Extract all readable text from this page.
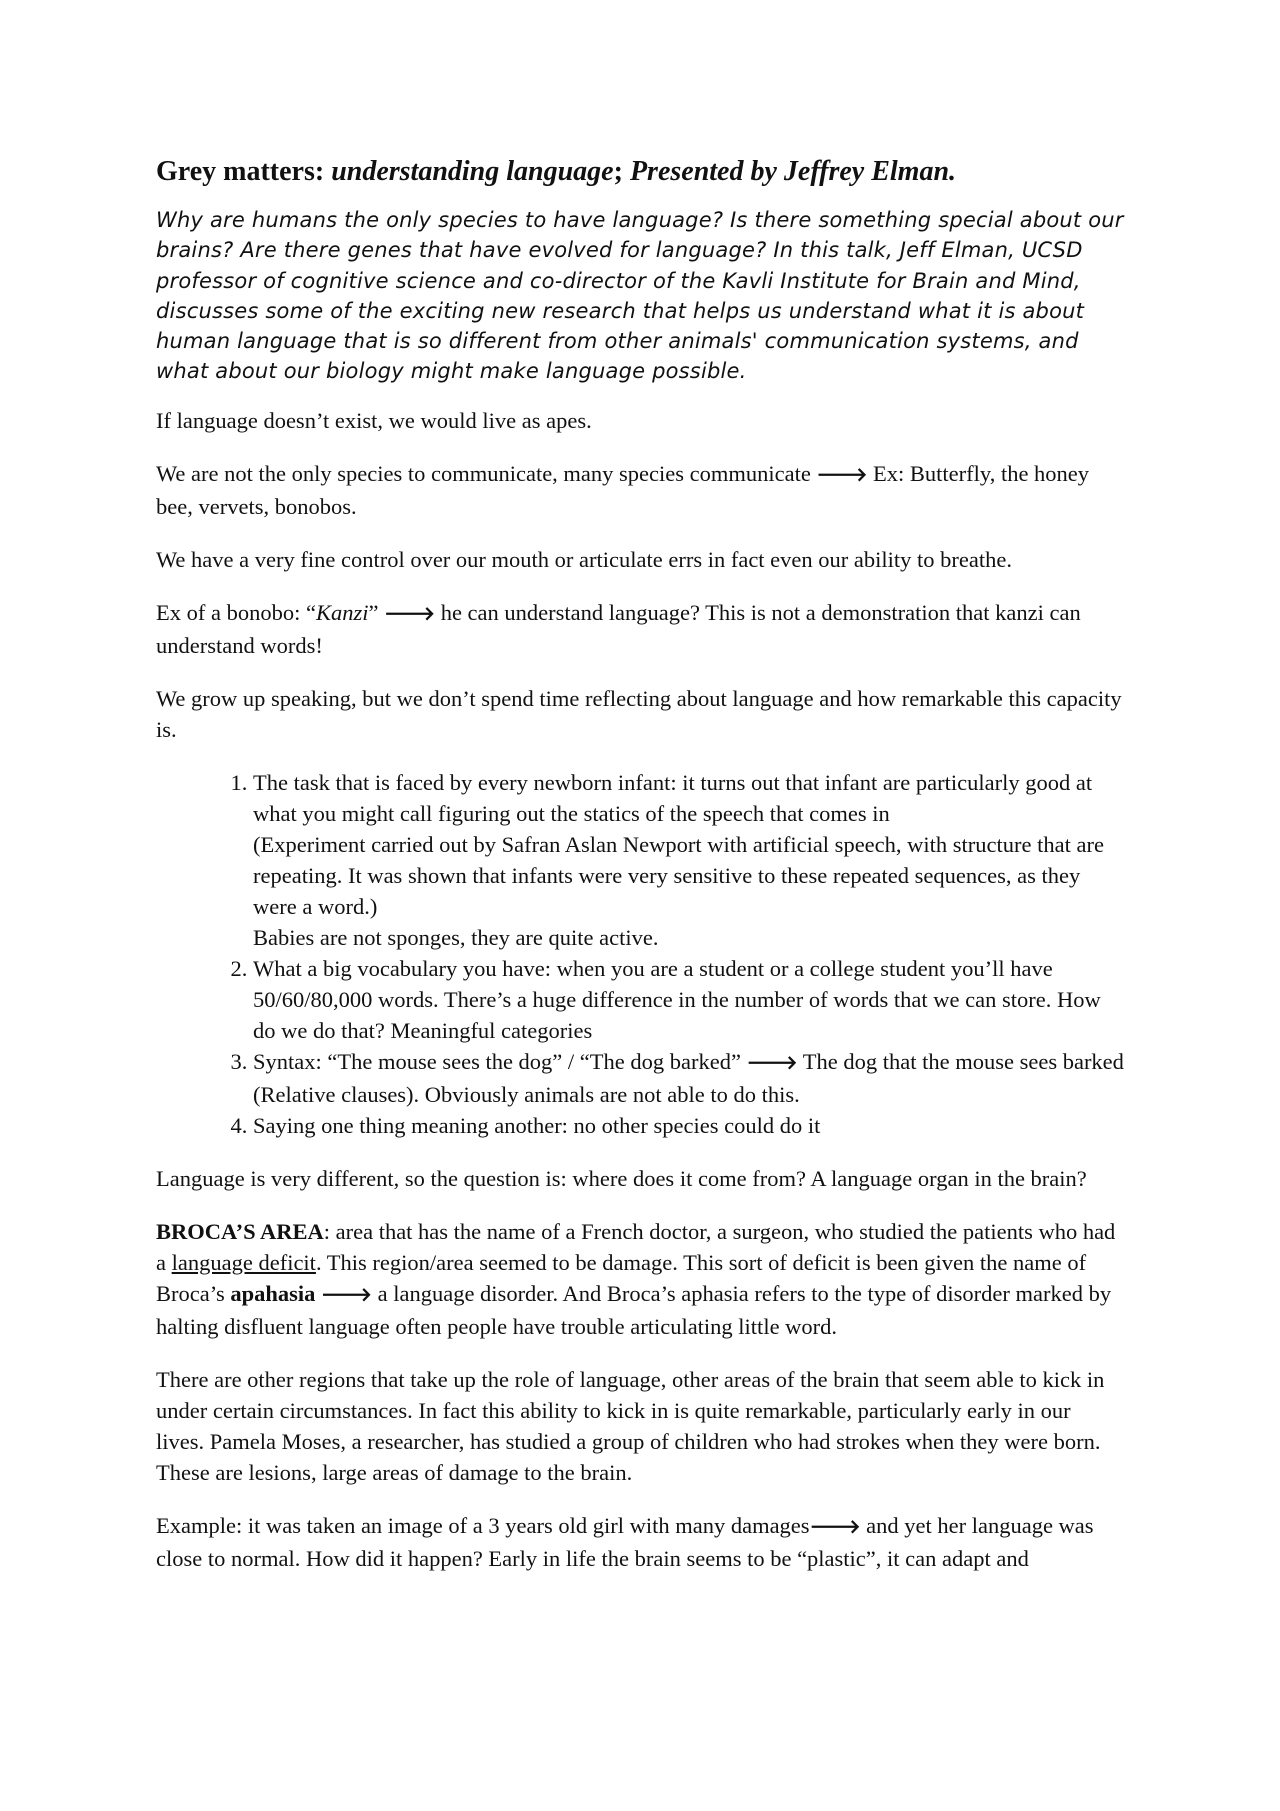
Grey matters: understanding language; Presented by Jeffrey Elman.

Why are humans the only species to have language? Is there something special about our brains? Are there genes that have evolved for language? In this talk, Jeff Elman, UCSD professor of cognitive science and co-director of the Kavli Institute for Brain and Mind, discusses some of the exciting new research that helps us understand what it is about human language that is so different from other animals' communication systems, and what about our biology might make language possible.

If language doesn’t exist, we would live as apes.

We are not the only species to communicate, many species communicate 🡒 Ex: Butterfly, the honey bee, vervets, bonobos.

We have a very fine control over our mouth or articulate errs in fact even our ability to breathe.

Ex of a bonobo: “Kanzi” 🡒 he can understand language? This is not a demonstration that kanzi can understand words!

We grow up speaking, but we don’t spend time reflecting about language and how remarkable this capacity is.

1. The task that is faced by every newborn infant: it turns out that infant are particularly good at what you might call figuring out the statics of the speech that comes in
(Experiment carried out by Safran Aslan Newport with artificial speech, with structure that are repeating. It was shown that infants were very sensitive to these repeated sequences, as they were a word.)
Babies are not sponges, they are quite active.
2. What a big vocabulary you have: when you are a student or a college student you’ll have 50/60/80,000 words. There’s a huge difference in the number of words that we can store. How do we do that? Meaningful categories
3. Syntax: “The mouse sees the dog” / “The dog barked” 🡒 The dog that the mouse sees barked (Relative clauses). Obviously animals are not able to do this.
4. Saying one thing meaning another: no other species could do it

Language is very different, so the question is: where does it come from? A language organ in the brain?

BROCA’S AREA: area that has the name of a French doctor, a surgeon, who studied the patients who had a language deficit. This region/area seemed to be damage. This sort of deficit is been given the name of Broca’s apahasia 🡒 a language disorder. And Broca’s aphasia refers to the type of disorder marked by halting disfluent language often people have trouble articulating little word.

There are other regions that take up the role of language, other areas of the brain that seem able to kick in under certain circumstances. In fact this ability to kick in is quite remarkable, particularly early in our lives. Pamela Moses, a researcher, has studied a group of children who had strokes when they were born. These are lesions, large areas of damage to the brain.

Example: it was taken an image of a 3 years old girl with many damages🡒 and yet her language was close to normal. How did it happen? Early in life the brain seems to be “plastic”, it can adapt and
